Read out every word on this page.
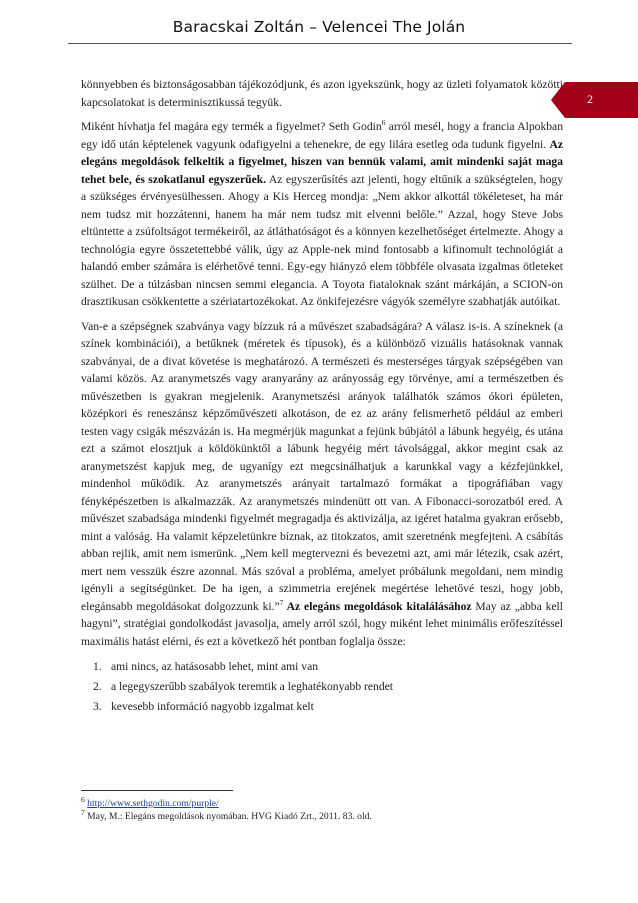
Baracskai Zoltán – Velencei The Jolán
2

könnyebben és biztonságosabban tájékozódjunk, és azon igyekszünk, hogy az üzleti folyamatok közötti kapcsolatokat is determinisztikussá tegyük.

Miként hívhatja fel magára egy termék a figyelmet? Seth Godin$^6$ arról mesél, hogy a francia Alpokban egy idő után képtelenek vagyunk odafigyelni a tehenekre, de egy lilára esetleg oda tudunk figyelni. Az elegáns megoldások felkeltik a figyelmet, hiszen van bennük valami, amit mindenki saját maga tehet bele, és szokatlanul egyszerűek. Az egyszerűsítés azt jelenti, hogy eltűnik a szükségtelen, hogy a szükséges érvényesülhessen. Ahogy a Kis Herceg mondja: „Nem akkor alkottál tökéleteset, ha már nem tudsz mit hozzátenni, hanem ha már nem tudsz mit elvenni belőle.” Azzal, hogy Steve Jobs eltüntette a zsúfoltságot termékeiről, az átláthatóságot és a könnyen kezelhetőséget értelmezte. Ahogy a technológia egyre összetettebbé válik, úgy az Apple-nek mind fontosabb a kifinomult technológiát a halandó ember számára is elérhetővé tenni. Egy-egy hiányzó elem többféle olvasata izgalmas ötleteket szülhet. De a túlzásban nincsen semmi elegancia. A Toyota fiataloknak szánt márkáján, a SCION-on drasztikusan csökkentette a szériatartozékokat. Az önkifejezésre vágyók személyre szabhatják autóikat.

Van-e a szépségnek szabványa vagy bízzuk rá a művészet szabadságára? A válasz is-is. A színeknek (a színek kombinációi), a betűknek (méretek és típusok), és a különböző vizuális hatásoknak vannak szabványai, de a divat követése is meghatározó. A természeti és mesterséges tárgyak szépségében van valami közös. Az aranymetszés vagy aranyarány az arányosság egy törvénye, ami a természetben és művészetben is gyakran megjelenik. Aranymetszési arányok találhatók számos ókori épületen, középkori és reneszánsz képzőművészeti alkotáson, de ez az arány felismerhető például az emberi testen vagy csigák mészvázán is. Ha megmérjük magunkat a fejünk búbjától a lábunk hegyéig, és utána ezt a számot elosztjuk a köldökünktől a lábunk hegyéig mért távolsággal, akkor megint csak az aranymetszést kapjuk meg, de ugyanígy ezt megcsinálhatjuk a karunkkal vagy a kézfejünkkel, mindenhol működik. Az aranymetszés arányait tartalmazó formákat a tipográfiában vagy fényképészetben is alkalmazzák. Az aranymetszés mindenütt ott van. A Fibonacci-sorozatból ered. A művészet szabadsága mindenki figyelmét megragadja és aktivizálja, az igéret hatalma gyakran erősebb, mint a valóság. Ha valamit képzeletünkre bíznak, az titokzatos, amit szeretnénk megfejteni. A csábítás abban rejlik, amit nem ismerünk. „Nem kell megtervezni és bevezetni azt, ami már létezik, csak azért, mert nem vesszük észre azonnal. Más szóval a probléma, amelyet próbálunk megoldani, nem mindig igényli a segítségünket. De ha igen, a szimmetria erejének megértése lehetővé teszi, hogy jobb, elegánsabb megoldásokat dolgozzunk ki.”$^7$ Az elegáns megoldások kitalálásához May az „abba kell hagyni”, stratégiai gondolkodást javasolja, amely arról szól, hogy miként lehet minimális erőfeszítéssel maximális hatást elérni, és ezt a következő hét pontban foglalja össze:

1. ami nincs, az hatásosabb lehet, mint ami van
2. a legegyszerűbb szabályok teremtik a leghatékonyabb rendet
3. kevesebb információ nagyobb izgalmat kelt
$^6$ http://www.sethgodin.com/purple/
$^7$ May, M.: Elegáns megoldások nyomában. HVG Kiadó Zrt., 2011. 83. old.
